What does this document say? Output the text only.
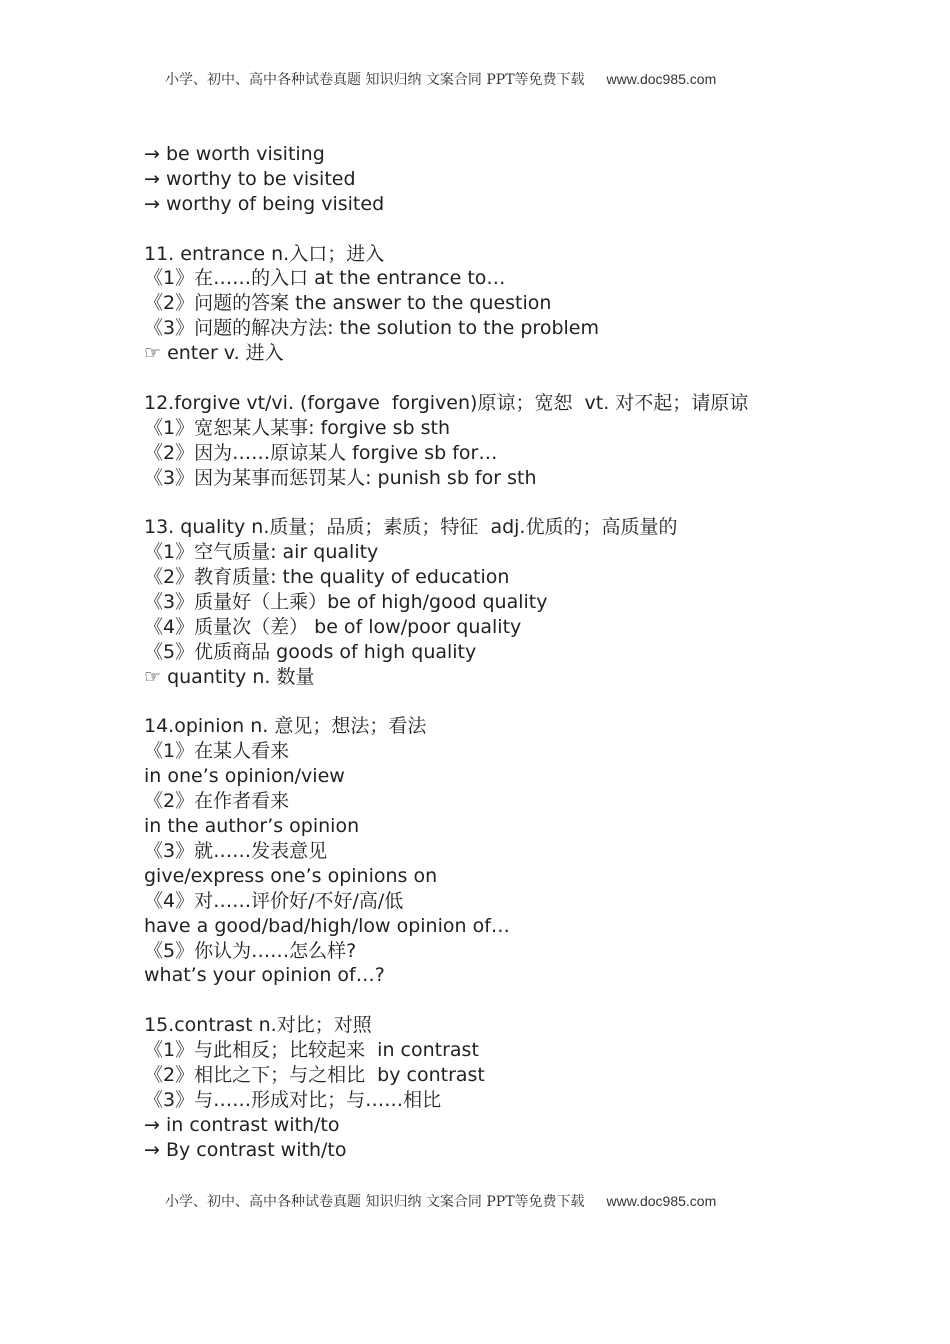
小学、初中、高中各种试卷真题 知识归纳 文案合同 PPT等免费下载 www.doc985.com
→ be worth visiting
→ worthy to be visited
→ worthy of being visited
11. entrance n.入口；进入
《1》在……的入口 at the entrance to…
《2》问题的答案 the answer to the question
《3》问题的解决方法: the solution to the problem
☞ enter v. 进入
12.forgive vt/vi. (forgave  forgiven)原谅；宽恕  vt. 对不起；请原谅
《1》宽恕某人某事: forgive sb sth
《2》因为……原谅某人 forgive sb for…
《3》因为某事而惩罚某人: punish sb for sth
13. quality n.质量；品质；素质；特征  adj.优质的；高质量的
《1》空气质量: air quality
《2》教育质量: the quality of education
《3》质量好（上乘）be of high/good quality
《4》质量次（差） be of low/poor quality
《5》优质商品 goods of high quality
☞ quantity n. 数量
14.opinion n. 意见；想法；看法
《1》在某人看来
in one’s opinion/view
《2》在作者看来
in the author’s opinion
《3》就……发表意见
give/express one’s opinions on
《4》对……评价好/不好/高/低
have a good/bad/high/low opinion of…
《5》你认为……怎么样?
what’s your opinion of…?
15.contrast n.对比；对照
《1》与此相反；比较起来  in contrast
《2》相比之下；与之相比  by contrast
《3》与……形成对比；与……相比
→ in contrast with/to
→ By contrast with/to
小学、初中、高中各种试卷真题 知识归纳 文案合同 PPT等免费下载 www.doc985.com
